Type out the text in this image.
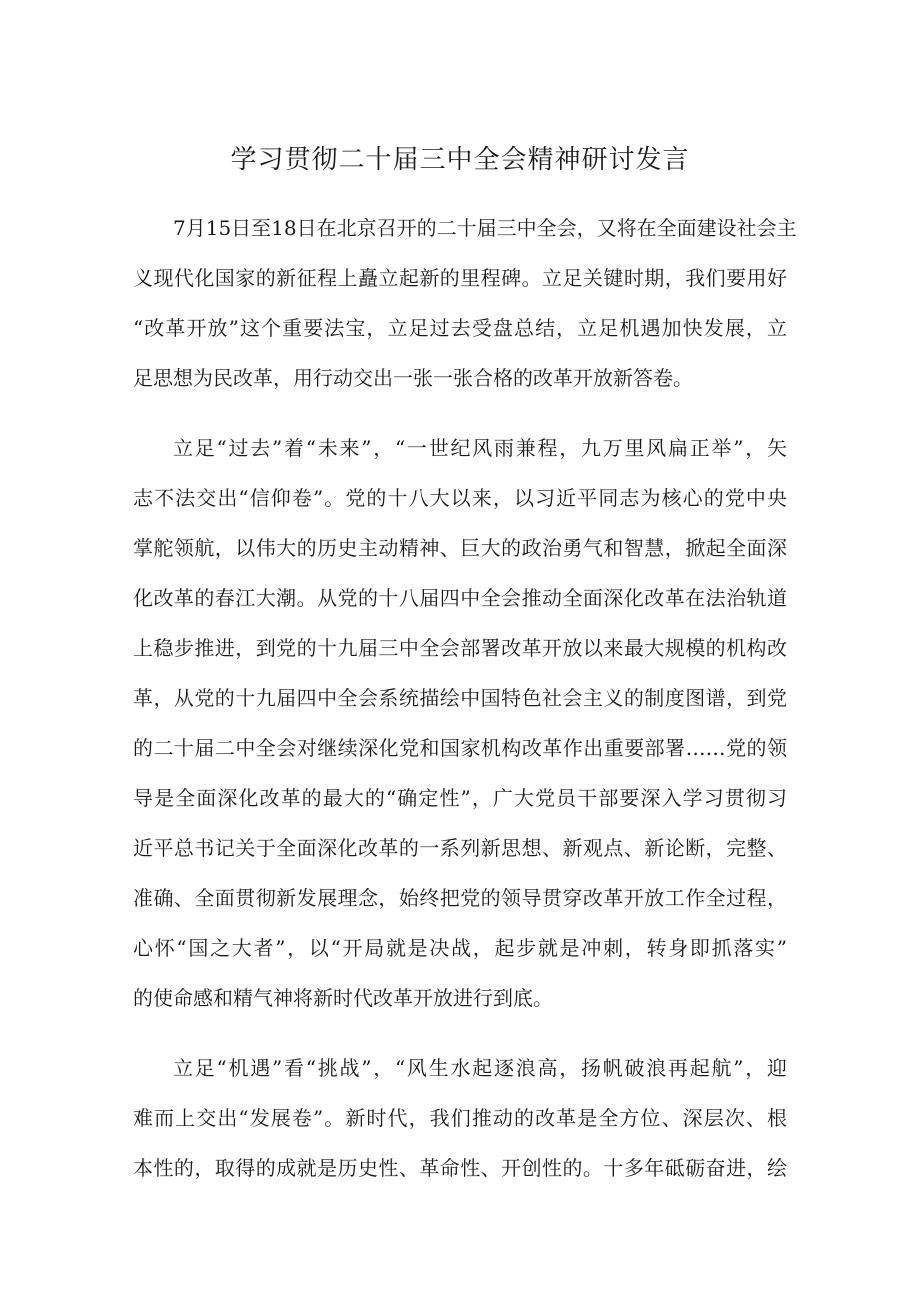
学习贯彻二十届三中全会精神研讨发言

7月15日至18日在北京召开的二十届三中全会，又将在全面建设社会主

义现代化国家的新征程上矗立起新的里程碑。立足关键时期，我们要用好

“改革开放”这个重要法宝，立足过去受盘总结，立足机遇加快发展，立

足思想为民改革，用行动交出一张一张合格的改革开放新答卷。

立足“过去”着“未来”，“一世纪风雨兼程，九万里风扁正举”，矢

志不法交出“信仰卷”。党的十八大以来，以习近平同志为核心的党中央

掌舵领航，以伟大的历史主动精神、巨大的政治勇气和智慧，掀起全面深

化改革的春江大潮。从党的十八届四中全会推动全面深化改革在法治轨道

上稳步推进，到党的十九届三中全会部署改革开放以来最大规模的机构改

革，从党的十九届四中全会系统描绘中国特色社会主义的制度图谱，到党

的二十届二中全会对继续深化党和国家机构改革作出重要部署……党的领

导是全面深化改革的最大的“确定性”，广大党员干部要深入学习贯彻习

近平总书记关于全面深化改革的一系列新思想、新观点、新论断，完整、

准确、全面贯彻新发展理念，始终把党的领导贯穿改革开放工作全过程，

心怀“国之大者”，以“开局就是决战，起步就是冲刺，转身即抓落实”

的使命感和精气神将新时代改革开放进行到底。

立足“机遇”看“挑战”，“风生水起逐浪高，扬帆破浪再起航”，迎

难而上交出“发展卷”。新时代，我们推动的改革是全方位、深层次、根

本性的，取得的成就是历史性、革命性、开创性的。十多年砥砺奋进，绘
